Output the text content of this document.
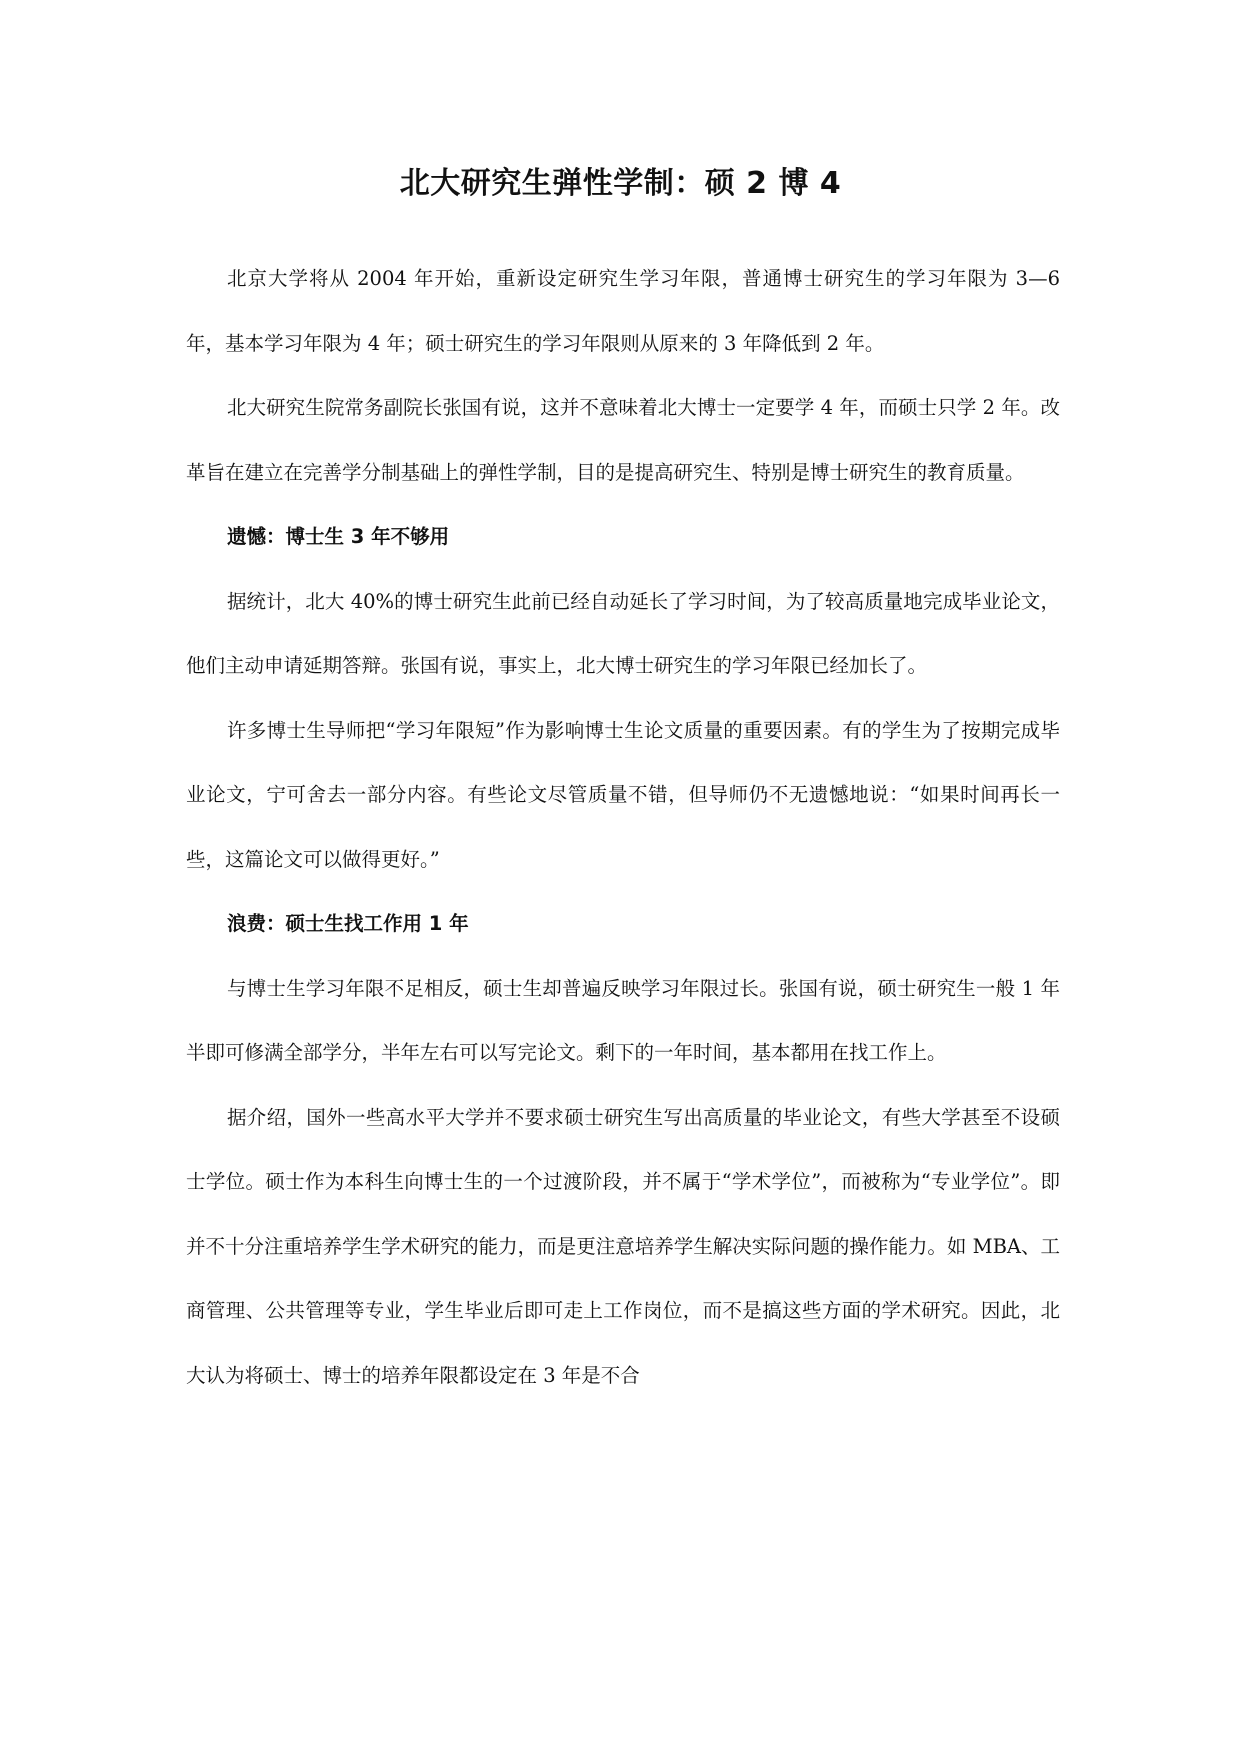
北大研究生弹性学制：硕 2 博 4

北京大学将从 2004 年开始，重新设定研究生学习年限，普通博士研究生的学习年限为 3—6 年，基本学习年限为 4 年；硕士研究生的学习年限则从原来的 3 年降低到 2 年。

北大研究生院常务副院长张国有说，这并不意味着北大博士一定要学 4 年，而硕士只学 2 年。改革旨在建立在完善学分制基础上的弹性学制，目的是提高研究生、特别是博士研究生的教育质量。

遗憾：博士生 3 年不够用

据统计，北大 40%的博士研究生此前已经自动延长了学习时间，为了较高质量地完成毕业论文，他们主动申请延期答辩。张国有说，事实上，北大博士研究生的学习年限已经加长了。

许多博士生导师把“学习年限短”作为影响博士生论文质量的重要因素。有的学生为了按期完成毕业论文，宁可舍去一部分内容。有些论文尽管质量不错，但导师仍不无遗憾地说：“如果时间再长一些，这篇论文可以做得更好。”

浪费：硕士生找工作用 1 年

与博士生学习年限不足相反，硕士生却普遍反映学习年限过长。张国有说，硕士研究生一般 1 年半即可修满全部学分，半年左右可以写完论文。剩下的一年时间，基本都用在找工作上。

据介绍，国外一些高水平大学并不要求硕士研究生写出高质量的毕业论文，有些大学甚至不设硕士学位。硕士作为本科生向博士生的一个过渡阶段，并不属于“学术学位”，而被称为“专业学位”。即并不十分注重培养学生学术研究的能力，而是更注意培养学生解决实际问题的操作能力。如 MBA、工商管理、公共管理等专业，学生毕业后即可走上工作岗位，而不是搞这些方面的学术研究。因此，北大认为将硕士、博士的培养年限都设定在 3 年是不合
